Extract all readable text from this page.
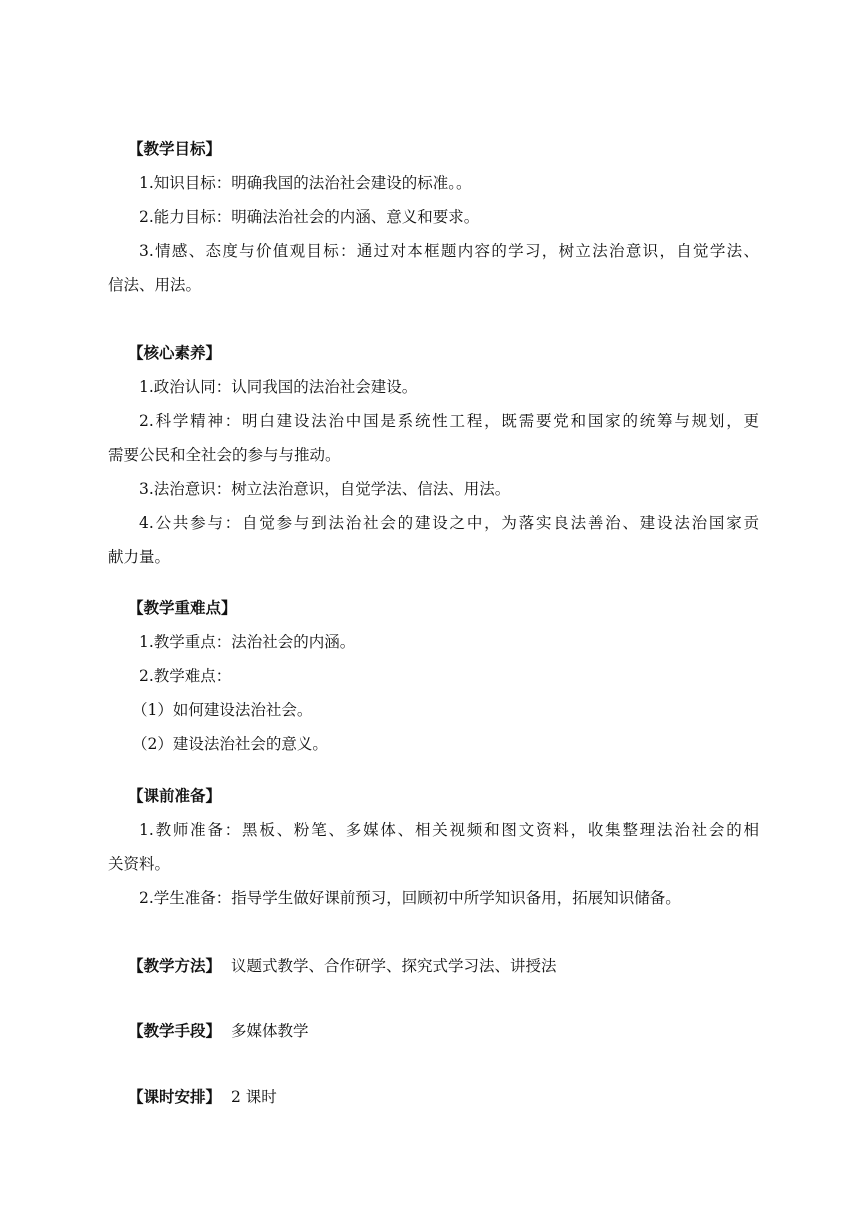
【教学目标】
1.知识目标：明确我国的法治社会建设的标准。。
2.能力目标：明确法治社会的内涵、意义和要求。
3.情感、态度与价值观目标：通过对本框题内容的学习，树立法治意识，自觉学法、
信法、用法。
【核心素养】
1.政治认同：认同我国的法治社会建设。
2.科学精神：明白建设法治中国是系统性工程，既需要党和国家的统筹与规划，更
需要公民和全社会的参与与推动。
3.法治意识：树立法治意识，自觉学法、信法、用法。
4.公共参与：自觉参与到法治社会的建设之中，为落实良法善治、建设法治国家贡
献力量。
【教学重难点】
1.教学重点：法治社会的内涵。
2.教学难点：
（1）如何建设法治社会。
（2）建设法治社会的意义。
【课前准备】
1.教师准备：黑板、粉笔、多媒体、相关视频和图文资料，收集整理法治社会的相
关资料。
2.学生准备：指导学生做好课前预习，回顾初中所学知识备用，拓展知识储备。
【教学方法】 议题式教学、合作研学、探究式学习法、讲授法
【教学手段】 多媒体教学
【课时安排】 2 课时
